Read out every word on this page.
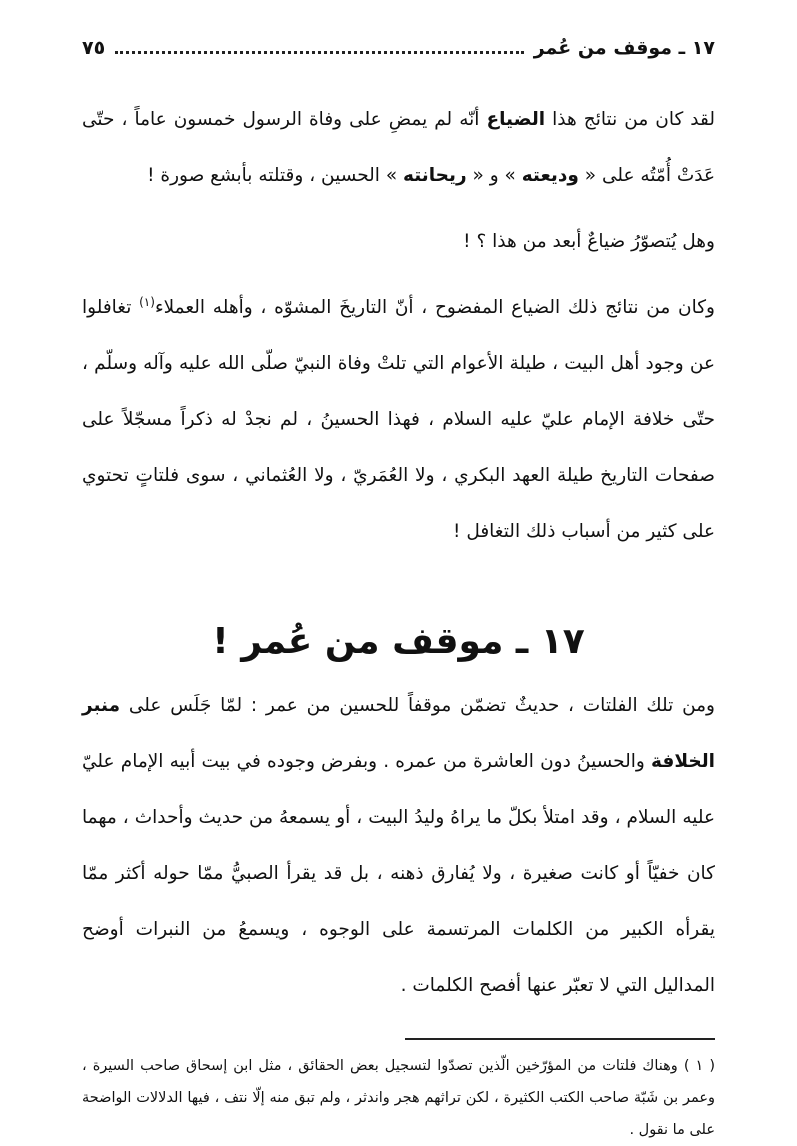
١٧ ـ موقف من عُمر
٧٥

لقد كان من نتائج هذا الضياع أنّه لم يمضِ على وفاة الرسول خمسون عاماً ، حتّى عَدَتْ أُمّتُه على « وديعته » و « ريحانته » الحسين ، وقتلته بأبشع صورة !

وهل يُتصوّرُ ضياعٌ أبعد من هذا ؟ !

وكان من نتائج ذلك الضياع المفضوح ، أنّ التاريخَ المشوّه ، وأهله العملاء$^{(١)}$ تغافلوا عن وجود أهل البيت ، طيلة الأعوام التي تلتْ وفاة النبيّ صلّى الله عليه وآله وسلّم ، حتّى خلافة الإمام عليّ عليه السلام ، فهذا الحسينُ ، لم نجدْ له ذكراً مسجّلاً على صفحات التاريخ طيلة العهد البكري ، ولا العُمَريّ ، ولا العُثماني ، سوى فلتاتٍ تحتوي على كثير من أسباب ذلك التغافل !

١٧ ـ موقف من عُمر !

ومن تلك الفلتات ، حديثٌ تضمّن موقفاً للحسين من عمر : لمّا جَلَس على منبر الخلافة والحسينُ دون العاشرة من عمره . وبفرض وجوده في بيت أبيه الإمام عليّ عليه السلام ، وقد امتلأ بكلّ ما يراهُ وليدُ البيت ، أو يسمعهُ من حديث وأحداث ، مهما كان خفيّاً أو كانت صغيرة ، ولا يُفارق ذهنه ، بل قد يقرأ الصبيُّ ممّا حوله أكثر ممّا يقرأه الكبير من الكلمات المرتسمة على الوجوه ، ويسمعُ من النبرات أوضح المداليل التي لا تعبّر عنها أفصح الكلمات .

( ١ ) وهناك فلتات من المؤرّخين الّذين تصدّوا لتسجيل بعض الحقائق ، مثل ابن إسحاق صاحب السيرة ، وعمر بن شَبّة صاحب الكتب الكثيرة ، لكن تراثهم هجر واندثر ، ولم تبق منه إلّا نتف ، فيها الدلالات الواضحة على ما نقول .
